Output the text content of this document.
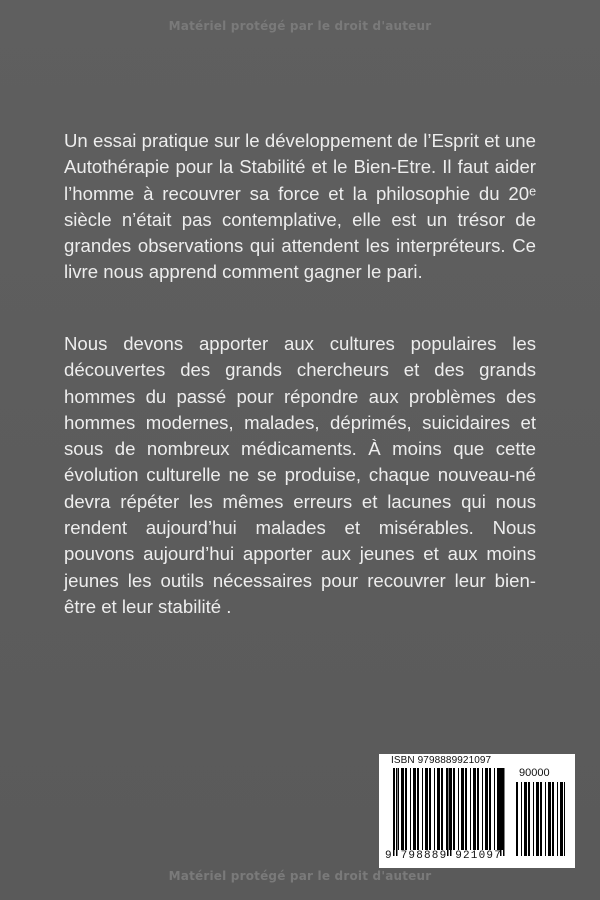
Matériel protégé par le droit d'auteur

Un essai pratique sur le développement de l’Esprit et une Autothérapie pour la Stabilité et le Bien-Etre. Il faut aider l’homme à recouvrer sa force et la philosophie du 20ᵉ siècle n’était pas contemplative, elle est un trésor de grandes observations qui attendent les interpréteurs. Ce livre nous apprend comment gagner le pari.

Nous devons apporter aux cultures populaires les découvertes des grands chercheurs et des grands hommes du passé pour répondre aux problèmes des hommes modernes, malades, déprimés, suicidaires et sous de nombreux médicaments. À moins que cette évolution culturelle ne se produise, chaque nouveau-né devra répéter les mêmes erreurs et lacunes qui nous rendent aujourd’hui malades et misérables. Nous pouvons aujourd’hui apporter aux jeunes et aux moins jeunes les outils nécessaires pour recouvrer leur bien-être et leur stabilité .

ISBN 9798889921097
90000
9 798889 921097
Matériel protégé par le droit d'auteur
